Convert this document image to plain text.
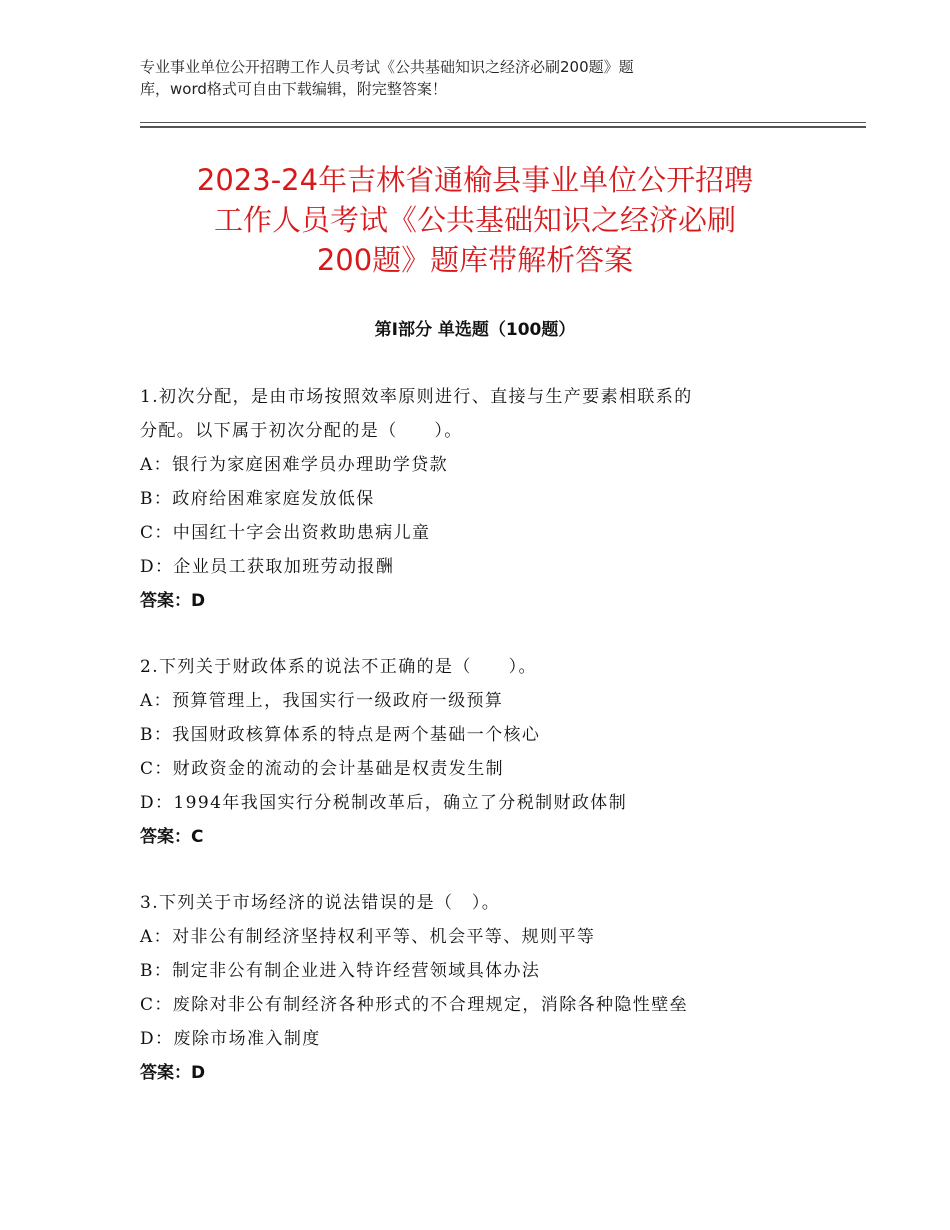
专业事业单位公开招聘工作人员考试《公共基础知识之经济必刷200题》题
库，word格式可自由下载编辑，附完整答案！
2023-24年吉林省通榆县事业单位公开招聘
工作人员考试《公共基础知识之经济必刷
200题》题库带解析答案
第Ⅰ部分 单选题（100题）
1.初次分配，是由市场按照效率原则进行、直接与生产要素相联系的
分配。以下属于初次分配的是（　　）。
A：银行为家庭困难学员办理助学贷款
B：政府给困难家庭发放低保
C：中国红十字会出资救助患病儿童
D：企业员工获取加班劳动报酬
答案：D
2.下列关于财政体系的说法不正确的是（　　）。
A：预算管理上，我国实行一级政府一级预算
B：我国财政核算体系的特点是两个基础一个核心
C：财政资金的流动的会计基础是权责发生制
D：1994年我国实行分税制改革后，确立了分税制财政体制
答案：C
3.下列关于市场经济的说法错误的是（　）。
A：对非公有制经济坚持权利平等、机会平等、规则平等
B：制定非公有制企业进入特许经营领域具体办法
C：废除对非公有制经济各种形式的不合理规定，消除各种隐性壁垒
D：废除市场准入制度
答案：D
